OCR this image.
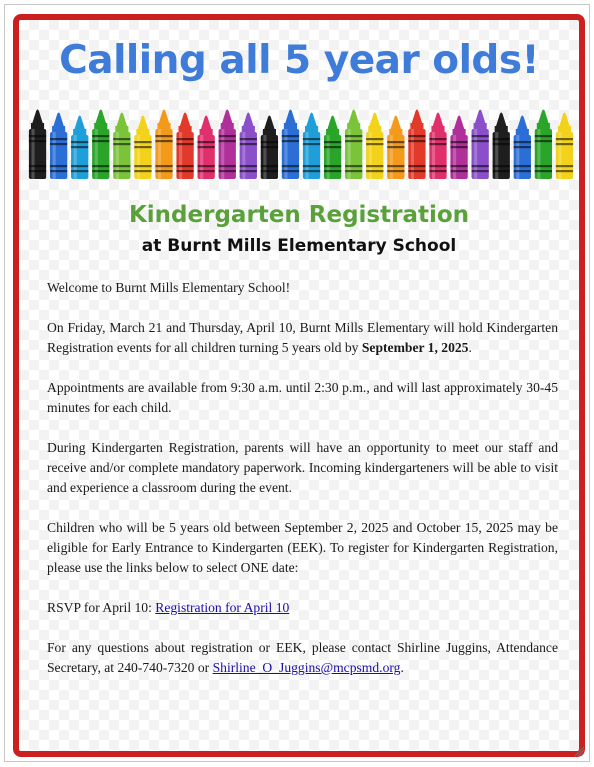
Calling all 5 year olds!
Kindergarten Registration
at Burnt Mills Elementary School

Welcome to Burnt Mills Elementary School!

On Friday, March 21 and Thursday, April 10, Burnt Mills Elementary will hold Kindergarten Registration events for all children turning 5 years old by September 1, 2025.

Appointments are available from 9:30 a.m. until 2:30 p.m., and will last approximately 30-45 minutes for each child.

During Kindergarten Registration, parents will have an opportunity to meet our staff and receive and/or complete mandatory paperwork. Incoming kindergarteners will be able to visit and experience a classroom during the event.

Children who will be 5 years old between September 2, 2025 and October 15, 2025 may be eligible for Early Entrance to Kindergarten (EEK). To register for Kindergarten Registration, please use the links below to select ONE date:

RSVP for April 10: Registration for April 10

For any questions about registration or EEK, please contact Shirline Juggins, Attendance Secretary, at 240-740-7320 or Shirline_O_Juggins@mcpsmd.org.
